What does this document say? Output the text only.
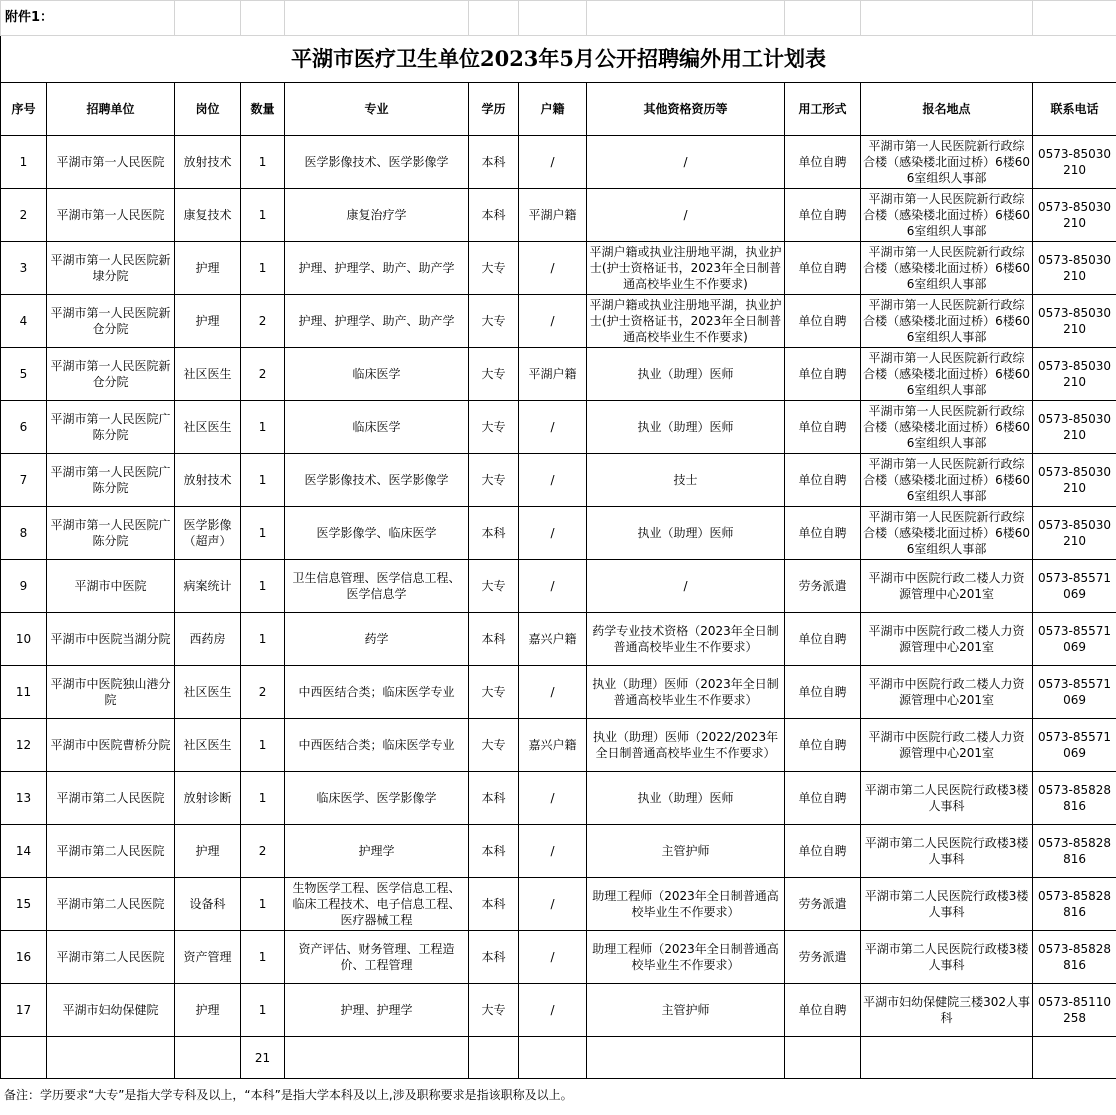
附件1：										
平湖市医疗卫生单位2023年5月公开招聘编外用工计划表										
序号	招聘单位	岗位	数量	专业	学历	户籍	其他资格资历等	用工形式	报名地点	联系电话
1	平湖市第一人民医院	放射技术	1	医学影像技术、医学影像学	本科	/	/	单位自聘	平湖市第一人民医院新行政综合楼（感染楼北面过桥）6楼606室组织人事部	0573-85030210
2	平湖市第一人民医院	康复技术	1	康复治疗学	本科	平湖户籍	/	单位自聘	平湖市第一人民医院新行政综合楼（感染楼北面过桥）6楼606室组织人事部	0573-85030210
3	平湖市第一人民医院新埭分院	护理	1	护理、护理学、助产、助产学	大专	/	平湖户籍或执业注册地平湖，执业护士(护士资格证书，2023年全日制普通高校毕业生不作要求)	单位自聘	平湖市第一人民医院新行政综合楼（感染楼北面过桥）6楼606室组织人事部	0573-85030210
4	平湖市第一人民医院新仓分院	护理	2	护理、护理学、助产、助产学	大专	/	平湖户籍或执业注册地平湖，执业护士(护士资格证书，2023年全日制普通高校毕业生不作要求)	单位自聘	平湖市第一人民医院新行政综合楼（感染楼北面过桥）6楼606室组织人事部	0573-85030210
5	平湖市第一人民医院新仓分院	社区医生	2	临床医学	大专	平湖户籍	执业（助理）医师	单位自聘	平湖市第一人民医院新行政综合楼（感染楼北面过桥）6楼606室组织人事部	0573-85030210
6	平湖市第一人民医院广陈分院	社区医生	1	临床医学	大专	/	执业（助理）医师	单位自聘	平湖市第一人民医院新行政综合楼（感染楼北面过桥）6楼606室组织人事部	0573-85030210
7	平湖市第一人民医院广陈分院	放射技术	1	医学影像技术、医学影像学	大专	/	技士	单位自聘	平湖市第一人民医院新行政综合楼（感染楼北面过桥）6楼606室组织人事部	0573-85030210
8	平湖市第一人民医院广陈分院	医学影像（超声）	1	医学影像学、临床医学	本科	/	执业（助理）医师	单位自聘	平湖市第一人民医院新行政综合楼（感染楼北面过桥）6楼606室组织人事部	0573-85030210
9	平湖市中医院	病案统计	1	卫生信息管理、医学信息工程、医学信息学	大专	/	/	劳务派遣	平湖市中医院行政二楼人力资源管理中心201室	0573-85571069
10	平湖市中医院当湖分院	西药房	1	药学	本科	嘉兴户籍	药学专业技术资格（2023年全日制普通高校毕业生不作要求）	单位自聘	平湖市中医院行政二楼人力资源管理中心201室	0573-85571069
11	平湖市中医院独山港分院	社区医生	2	中西医结合类；临床医学专业	大专	/	执业（助理）医师（2023年全日制普通高校毕业生不作要求）	单位自聘	平湖市中医院行政二楼人力资源管理中心201室	0573-85571069
12	平湖市中医院曹桥分院	社区医生	1	中西医结合类；临床医学专业	大专	嘉兴户籍	执业（助理）医师（2022/2023年全日制普通高校毕业生不作要求）	单位自聘	平湖市中医院行政二楼人力资源管理中心201室	0573-85571069
13	平湖市第二人民医院	放射诊断	1	临床医学、医学影像学	本科	/	执业（助理）医师	单位自聘	平湖市第二人民医院行政楼3楼人事科	0573-85828816
14	平湖市第二人民医院	护理	2	护理学	本科	/	主管护师	单位自聘	平湖市第二人民医院行政楼3楼人事科	0573-85828816
15	平湖市第二人民医院	设备科	1	生物医学工程、医学信息工程、临床工程技术、电子信息工程、医疗器械工程	本科	/	助理工程师（2023年全日制普通高校毕业生不作要求）	劳务派遣	平湖市第二人民医院行政楼3楼人事科	0573-85828816
16	平湖市第二人民医院	资产管理	1	资产评估、财务管理、工程造价、工程管理	本科	/	助理工程师（2023年全日制普通高校毕业生不作要求）	劳务派遣	平湖市第二人民医院行政楼3楼人事科	0573-85828816
17	平湖市妇幼保健院	护理	1	护理、护理学	大专	/	主管护师	单位自聘	平湖市妇幼保健院三楼302人事科	0573-85110258
			21							
备注：学历要求“大专”是指大学专科及以上，“本科”是指大学本科及以上,涉及职称要求是指该职称及以上。
